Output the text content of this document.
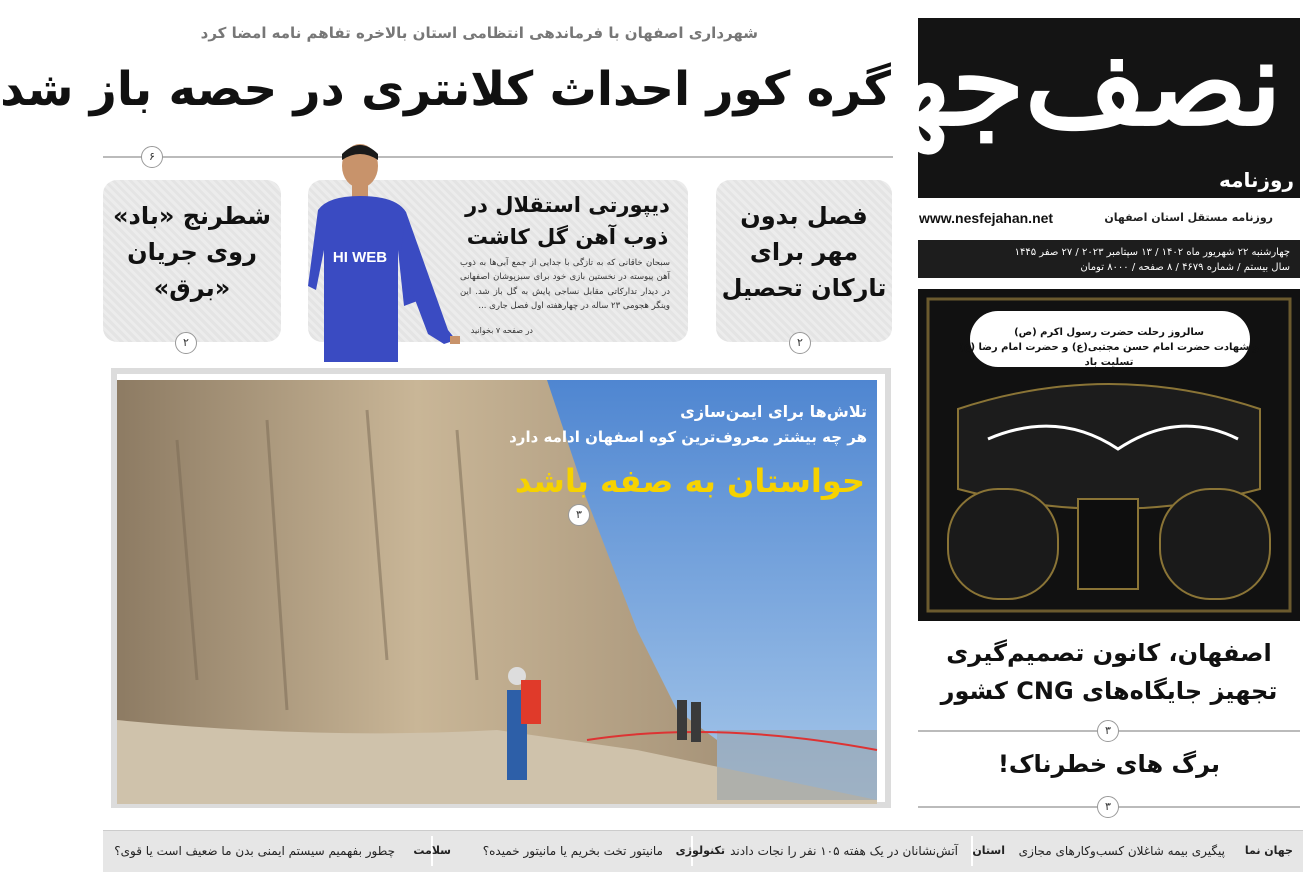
نصف‌جهان
روزنامه
www.nesfejahan.net	روزنامه مستقل استان اصفهان
چهارشنبه ۲۲ شهریور ماه ۱۴۰۲ / ۱۳ سپتامبر ۲۰۲۳ / ۲۷ صفر ۱۴۴۵
سال بیستم / شماره ۴۶۷۹ / ۸ صفحه / ۸۰۰۰ تومان
شهرداری اصفهان با فرماندهی انتظامی استان بالاخره تفاهم نامه امضا کرد
گره کور احداث کلانتری در حصه باز شد
۶
فصل بدون مهر برای تارکان تحصیل
۲
دیپورتی استقلال در ذوب آهن گل کاشت
سبحان خاقانی که به تازگی با جدایی از جمع آبی‌ها به ذوب آهن پیوسته در نخستین بازی خود برای سبزپوشان اصفهانی در دیدار تدارکاتی مقابل نساجی پایش به گل باز شد. این وینگر هجومی ۲۳ ساله در چهارهفته اول فصل جاری ...
در صفحه ۷ بخوانید
شطرنج «باد» روی جریان «برق»
۲
HI WEB
تلاش‌ها برای ایمن‌سازی
هر چه بیشتر معروف‌ترین کوه اصفهان ادامه دارد
حواستان به صفه باشد
۳
سالروز رحلت حضرت رسول اکرم (ص)
و شهادت حضرت امام حسن مجتبی(ع) و حضرت امام رضا (ع)
تسلیت باد
اصفهان، کانون تصمیم‌گیری تجهیز جایگاه‌های CNG کشور
۳
برگ های خطرناک!
۳
جهان نما
پیگیری بیمه شاغلان کسب‌وکارهای مجازی
استان
آتش‌نشانان در یک هفته ۱۰۵ نفر را نجات دادند
تکنولوژی
مانیتور تخت بخریم یا مانیتور خمیده؟
سلامت
چطور بفهمیم سیستم ایمنی بدن ما ضعیف است یا قوی؟
